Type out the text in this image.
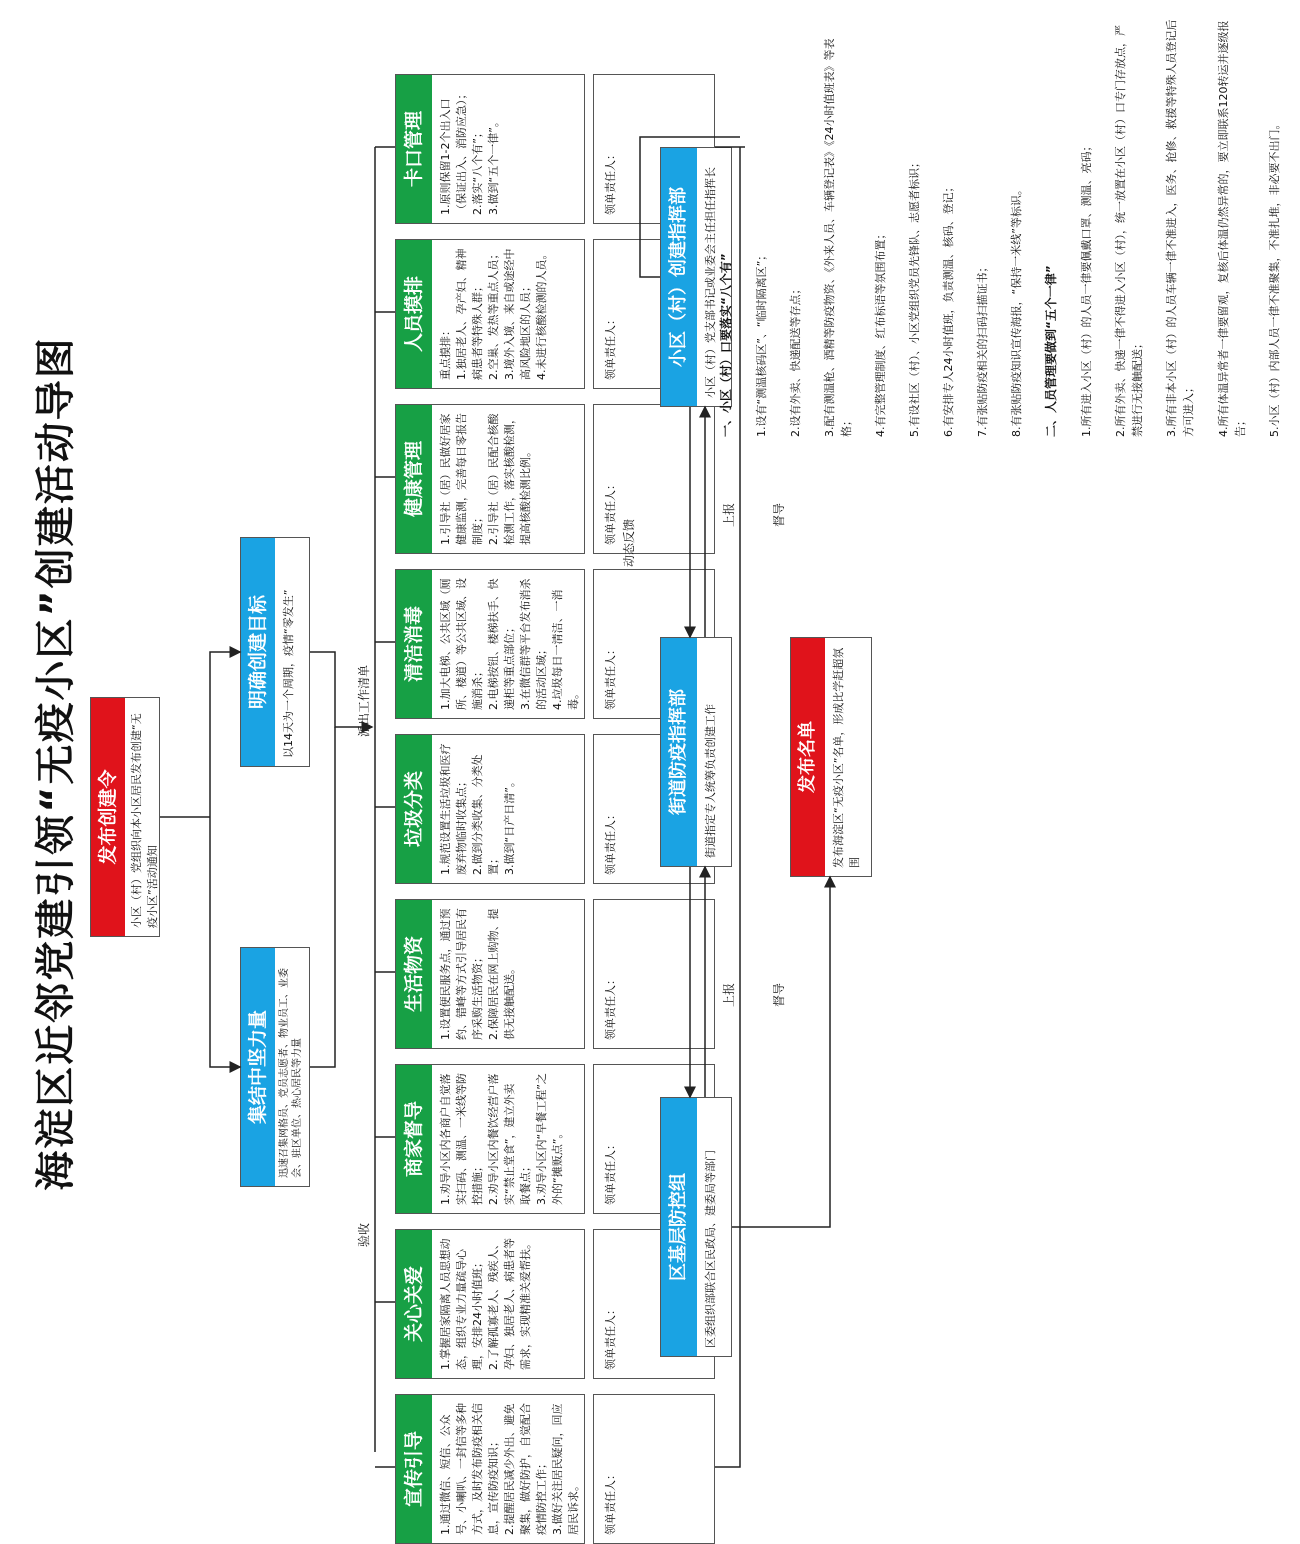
海淀区近邻党建引领“无疫小区”创建活动导图 发布创建令	小区（村）党组织向本小区居民发布创建“无疫小区”活动通知
明确创建目标	以14天为一个周期，疫情“零发生”
集结中坚力量	迅速召集网格员、党员志愿者、物业员工、业委会、驻区单位、热心居民等力量
卡口管理	1.原则保留1-2个出入口（保证出入、消防应急）；
2.落实“八个有”；
3.做到“五个一律”。	领单责任人：
人员摸排
重点摸排：
1.独居老人、孕产妇、精神病患者等特殊人群；
2.空巢、发热等重点人员；
3.境外入境、来自或途经中高风险地区的人员；
4.未进行核酸检测的人员。	领单责任人：
健康管理	1.引导社（居）民做好居家健康监测，完善每日零报告制度；
2.引导社（居）民配合核酸检测工作，落实核酸检测，提高核酸检测比例。	领单责任人：
清洁消毒	1.加大电梯、公共区域（厕所、楼道）等公共区域、设施消杀；
2.电梯按钮、楼梯扶手、快递柜等重点部位；
3.在微信群等平台发布消杀的活动区域；
4.垃圾每日一清洁、一消毒。	领单责任人：
垃圾分类	1.规范设置生活垃圾和医疗废弃物临时收集点；
2.做到分类收集、分类处置；
3.做到“日产日清”。	领单责任人：
生活物资	1.设置便民服务点，通过预约、错峰等方式引导居民有序采购生活物资；
2.保障居民在网上购物、提供无接触配送。	领单责任人：
商家督导	1.劝导小区内各商户自觉落实扫码、测温、一米线等防控措施；
2.劝导小区内餐饮经营户落实“禁止堂食”，建立外卖取餐点；
3.劝导小区内“早餐工程”之外的“摊贩点”。	领单责任人：
关心关爱	1.掌握居家隔离人员思想动态，组织专业力量疏导心理，安排24小时值班；
2.了解孤寡老人、残疾人、孕妇、独居老人、病患者等需求，实现精准关爱帮扶。	领单责任人：
宣传引导	1.通过微信、短信、公众号、小喇叭、一封信等多种方式，及时发布防疫相关信息，宣传防疫知识；
2.提醒居民减少外出、避免聚集，做好防护，自觉配合疫情防控工作；
3.做好关注居民疑问，回应居民诉求。	领单责任人：
小区（村）创建指挥部	小区（村）党支部书记或业委会主任担任指挥长
街道防疫指挥部	街道指定专人统筹负责创建工作
区基层防控组	区委组织部联合区民政局、建委局等部门
发布名单	发布海淀区“无疫小区”名单，形成比学赶超氛围

一、小区（村）口要落实“八个有” 1.设有“测温核码区”、“临时隔离区”； 2.设有外卖、快递配送等存点； 3.配有测温枪、酒精等防疫物资、《外来人员、车辆登记表》《24小时值班表》等表格； 4.有完整管理制度、红布标语等氛围布置； 5.有设社区（村）、小区党组织党员先锋队、志愿者标识； 6.有安排专人24小时值班，负责测温、核码、登记； 7.有张贴防疫相关的扫码扫描证书； 8.有张贴防疫知识宣传海报，“保持一米线”等标识。 二、人员管理要做到“五个一律” 1.所有进入小区（村）的人员一律要佩戴口罩、测温、亮码； 2.所有外卖、快递一律不得进入小区（村），统一放置在小区（村）口专门存放点，严禁进行无接触配送； 3.所有非本小区（村）的人员车辆一律不准进入，医务、抢修、救援等特殊人员登记后方可进入； 4.所有体温异常者一律要留观，复核后体温仍然异常的，要立即联系120转运并逐级报告； 5.小区（村）内部人员一律不准聚集，不准扎堆，非必要不出门。

派出工作清单
动态反馈
验收
上报	督导
上报	督导
